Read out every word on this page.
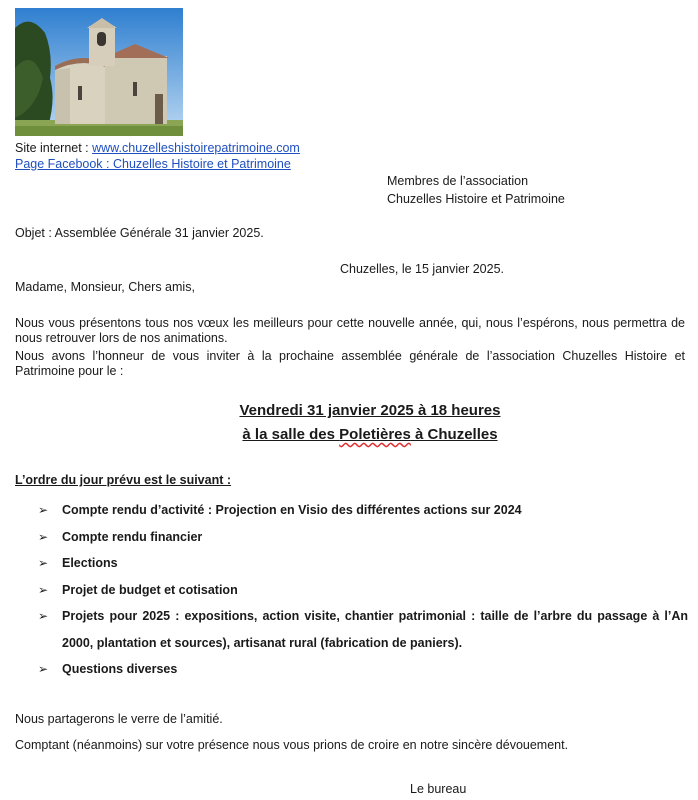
Site internet : www.chuzelleshistoirepatrimoine.com
Page Facebook : Chuzelles Histoire et Patrimoine
Membres de l’association
Chuzelles Histoire et Patrimoine
Objet : Assemblée Générale 31 janvier 2025.
Chuzelles, le 15 janvier 2025.
Madame, Monsieur, Chers amis,
Nous vous présentons tous nos vœux les meilleurs pour cette nouvelle année, qui, nous l’espérons, nous permettra de nous retrouver lors de nos animations.
Nous avons l’honneur de vous inviter à la prochaine assemblée générale de l’association Chuzelles Histoire et Patrimoine pour le :
Vendredi 31 janvier 2025 à 18 heures
à la salle des Poletières à Chuzelles
L’ordre du jour prévu est le suivant :
➢ Compte rendu d’activité : Projection en Visio des différentes actions sur 2024
➢ Compte rendu financier
➢ Elections
➢ Projet de budget et cotisation
➢ Projets pour 2025 : expositions, action visite, chantier patrimonial : taille de l’arbre du passage à l’An 2000, plantation et sources), artisanat rural (fabrication de paniers).
➢ Questions diverses
Nous partagerons le verre de l’amitié.
Comptant (néanmoins) sur votre présence nous vous prions de croire en notre sincère dévouement.
Le bureau
